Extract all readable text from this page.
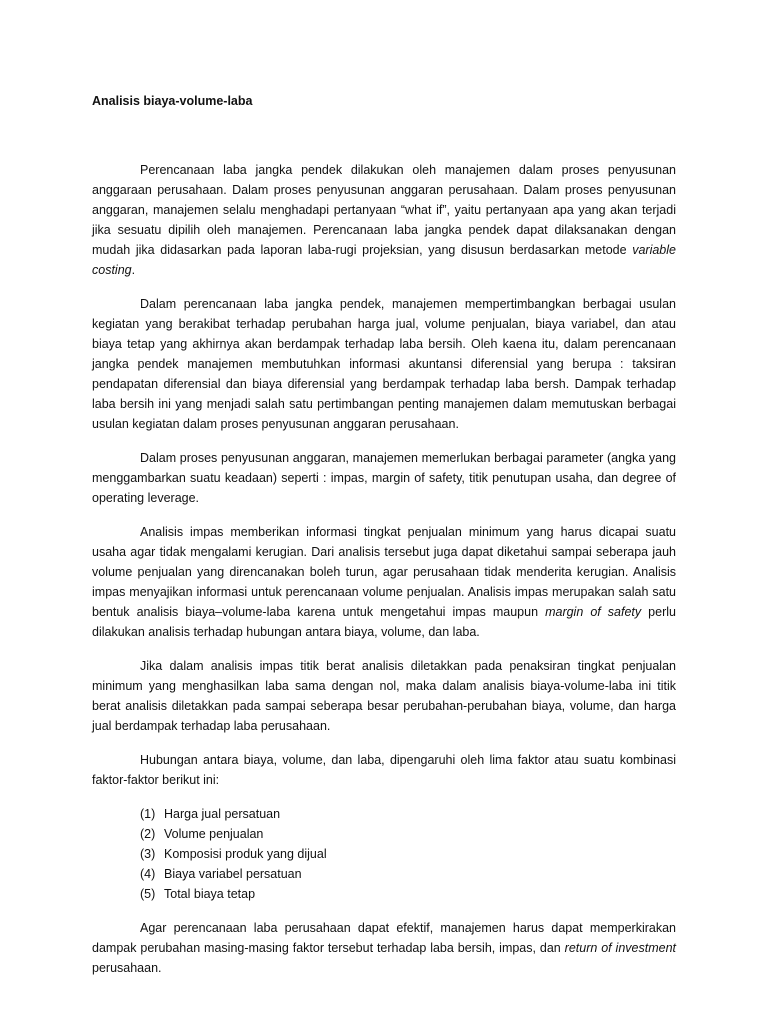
Analisis biaya-volume-laba

Perencanaan laba jangka pendek dilakukan oleh manajemen dalam proses penyusunan anggaraan perusahaan. Dalam proses penyusunan anggaran perusahaan. Dalam proses penyusunan anggaran, manajemen selalu menghadapi pertanyaan “what if”, yaitu pertanyaan apa yang akan terjadi jika sesuatu dipilih oleh manajemen. Perencanaan laba jangka pendek dapat dilaksanakan dengan mudah jika didasarkan pada laporan laba-rugi projeksian, yang disusun berdasarkan metode variable costing.

Dalam perencanaan laba jangka pendek, manajemen mempertimbangkan berbagai usulan kegiatan yang berakibat terhadap perubahan harga jual, volume penjualan, biaya variabel, dan atau biaya tetap yang akhirnya akan berdampak terhadap laba bersih. Oleh kaena itu, dalam perencanaan jangka pendek manajemen membutuhkan informasi akuntansi diferensial yang berupa : taksiran pendapatan diferensial dan biaya diferensial yang berdampak terhadap laba bersh. Dampak terhadap laba bersih ini yang menjadi salah satu pertimbangan penting manajemen dalam memutuskan berbagai usulan kegiatan dalam proses penyusunan anggaran perusahaan.

Dalam proses penyusunan anggaran, manajemen memerlukan berbagai parameter (angka yang menggambarkan suatu keadaan) seperti : impas, margin of safety, titik penutupan usaha, dan degree of operating leverage.

Analisis impas memberikan informasi tingkat penjualan minimum yang harus dicapai suatu usaha agar tidak mengalami kerugian. Dari analisis tersebut juga dapat diketahui sampai seberapa jauh volume penjualan yang direncanakan boleh turun, agar perusahaan tidak menderita kerugian. Analisis impas menyajikan informasi untuk perencanaan volume penjualan. Analisis impas merupakan salah satu bentuk analisis biaya–volume-laba karena untuk mengetahui impas maupun margin of safety perlu dilakukan analisis terhadap hubungan antara biaya, volume, dan laba.

Jika dalam analisis impas titik berat analisis diletakkan pada penaksiran tingkat penjualan minimum yang menghasilkan laba sama dengan nol, maka dalam analisis biaya-volume-laba ini titik berat analisis diletakkan pada sampai seberapa besar perubahan-perubahan biaya, volume, dan harga jual berdampak terhadap laba perusahaan.

Hubungan antara biaya, volume, dan laba, dipengaruhi oleh lima faktor atau suatu kombinasi faktor-faktor berikut ini:

(1) Harga jual persatuan
(2) Volume penjualan
(3) Komposisi produk yang dijual
(4) Biaya variabel persatuan
(5) Total biaya tetap

Agar perencanaan laba perusahaan dapat efektif, manajemen harus dapat memperkirakan dampak perubahan masing-masing faktor tersebut terhadap laba bersih, impas, dan return of investment perusahaan.
